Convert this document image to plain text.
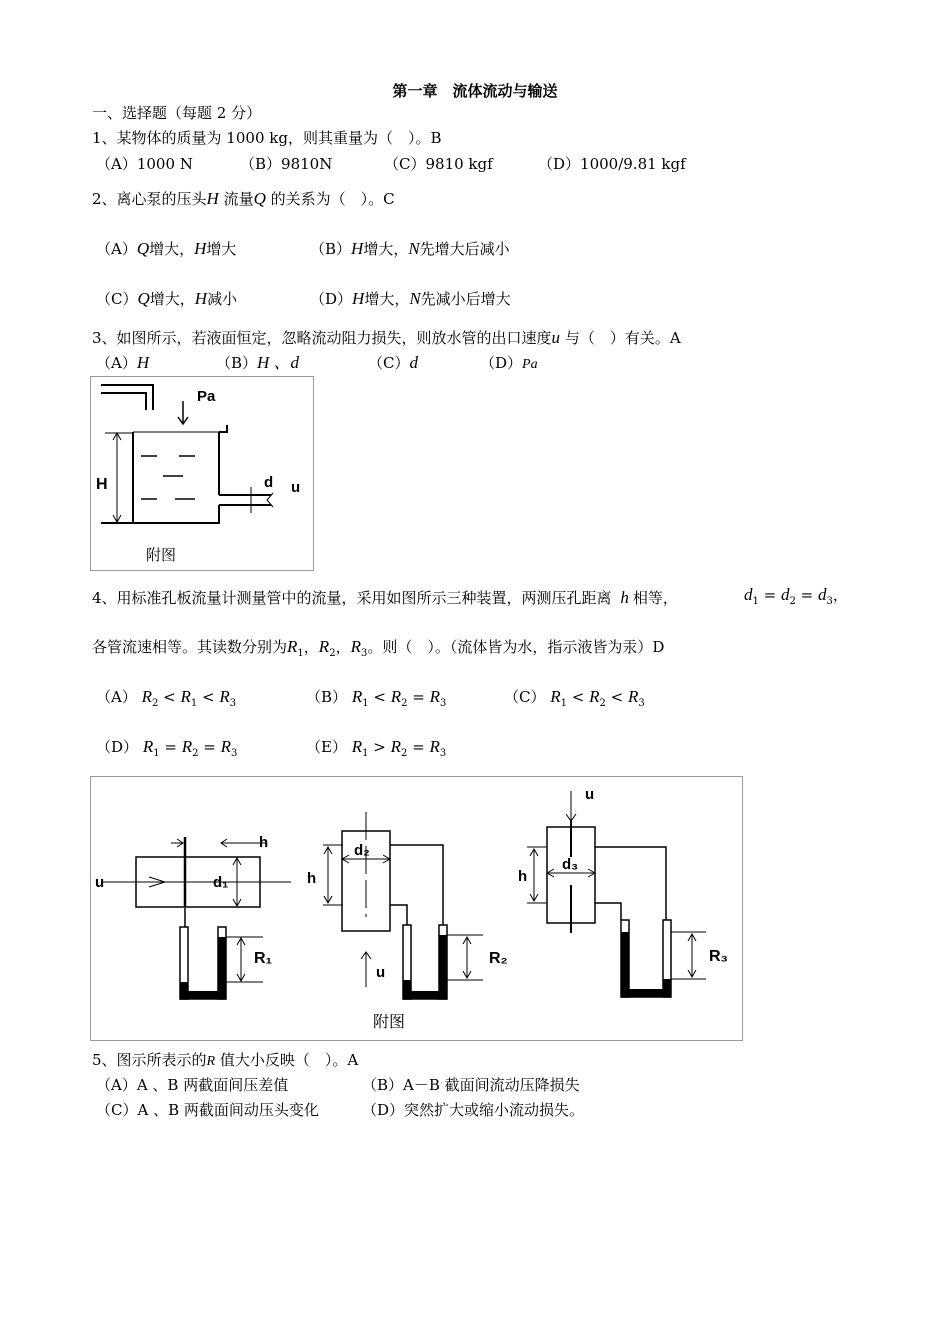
第一章　流体流动与输送
一、选择题（每题 2 分）
1、某物体的质量为 1000 kg，则其重量为（　）。B
（A）1000 N	（B）9810N	（C）9810 kgf	（D）1000/9.81 kgf
2、离心泵的压头H 流量Q 的关系为（　）。C
（A）Q增大，H增大	（B）H增大，N先增大后减小
（C）Q增大，H减小	（D）H增大，N先减小后增大
3、如图所示，若液面恒定，忽略流动阻力损失，则放水管的出口速度u 与（　）有关。A
（A）H	（B）H 、d	（C）d	（D）Pa
Pa
H	d u
附图
4、用标准孔板流量计测量管中的流量，采用如图所示三种装置，两测压孔距离 h 相等，	$d_1 = d_2 = d_3$，
各管流速相等。其读数分别为$R_1$，$R_2$，$R_3$。则（　）。（流体皆为水，指示液皆为汞）D
（A） $R_2 < R_1 < R_3$	（B） $R_1 < R_2 = R_3$	（C） $R_1 < R_2 < R_3$
（D） $R_1 = R_2 = R_3$	（E） $R_1 > R_2 = R_3$
u
h
d₁
R₁
h
d₂
u
R₂
u
h
d₃
R₃
附图
5、图示所表示的R 值大小反映（　）。A
（A）A 、B 两截面间压差值	（B）A－B 截面间流动压降损失
（C）A 、B 两截面间动压头变化	（D）突然扩大或缩小流动损失。
